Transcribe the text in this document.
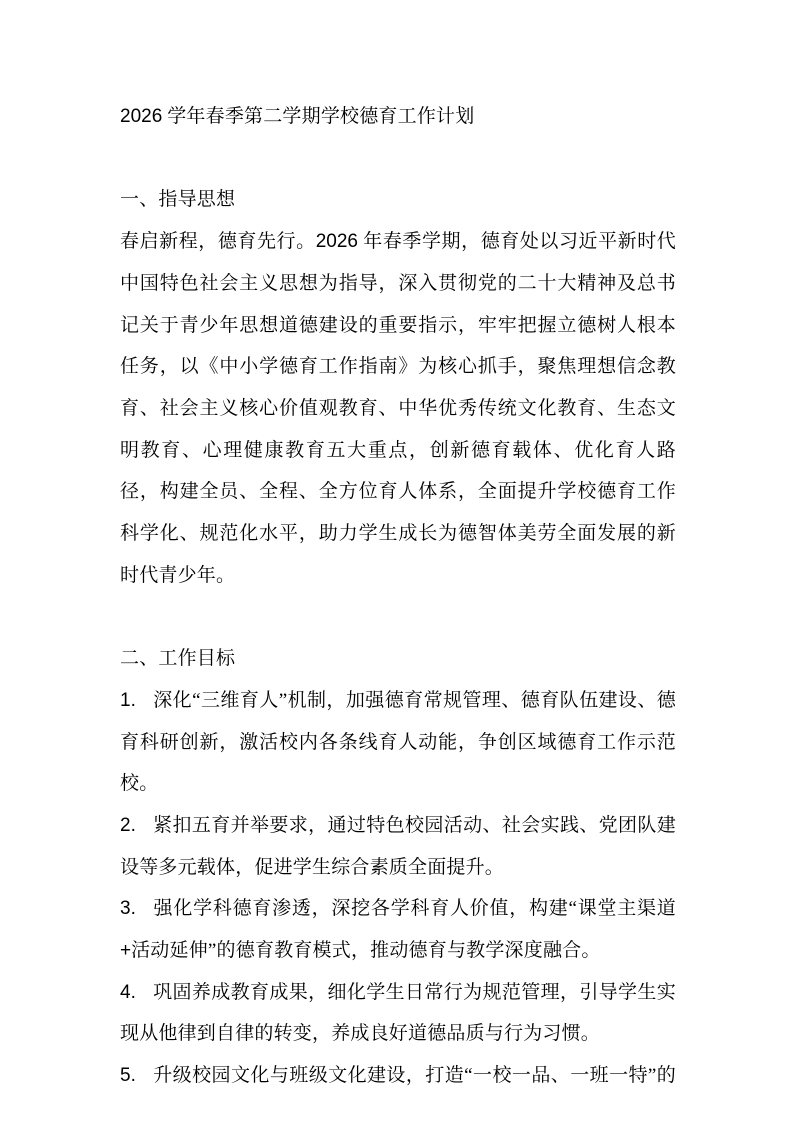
2026 学年春季第二学期学校德育工作计划
一、指导思想
春启新程，德育先行。2026 年春季学期，德育处以习近平新时代中国特色社会主义思想为指导，深入贯彻党的二十大精神及总书记关于青少年思想道德建设的重要指示，牢牢把握立德树人根本任务，以《中小学德育工作指南》为核心抓手，聚焦理想信念教育、社会主义核心价值观教育、中华优秀传统文化教育、生态文明教育、心理健康教育五大重点，创新德育载体、优化育人路径，构建全员、全程、全方位育人体系，全面提升学校德育工作科学化、规范化水平，助力学生成长为德智体美劳全面发展的新时代青少年。
二、工作目标
1. 深化“三维育人”机制，加强德育常规管理、德育队伍建设、德育科研创新，激活校内各条线育人动能，争创区域德育工作示范校。
2. 紧扣五育并举要求，通过特色校园活动、社会实践、党团队建设等多元载体，促进学生综合素质全面提升。
3. 强化学科德育渗透，深挖各学科育人价值，构建“课堂主渠道+活动延伸”的德育教育模式，推动德育与教学深度融合。
4. 巩固养成教育成果，细化学生日常行为规范管理，引导学生实现从他律到自律的转变，养成良好道德品质与行为习惯。
5. 升级校园文化与班级文化建设，打造“一校一品、一班一特”的
